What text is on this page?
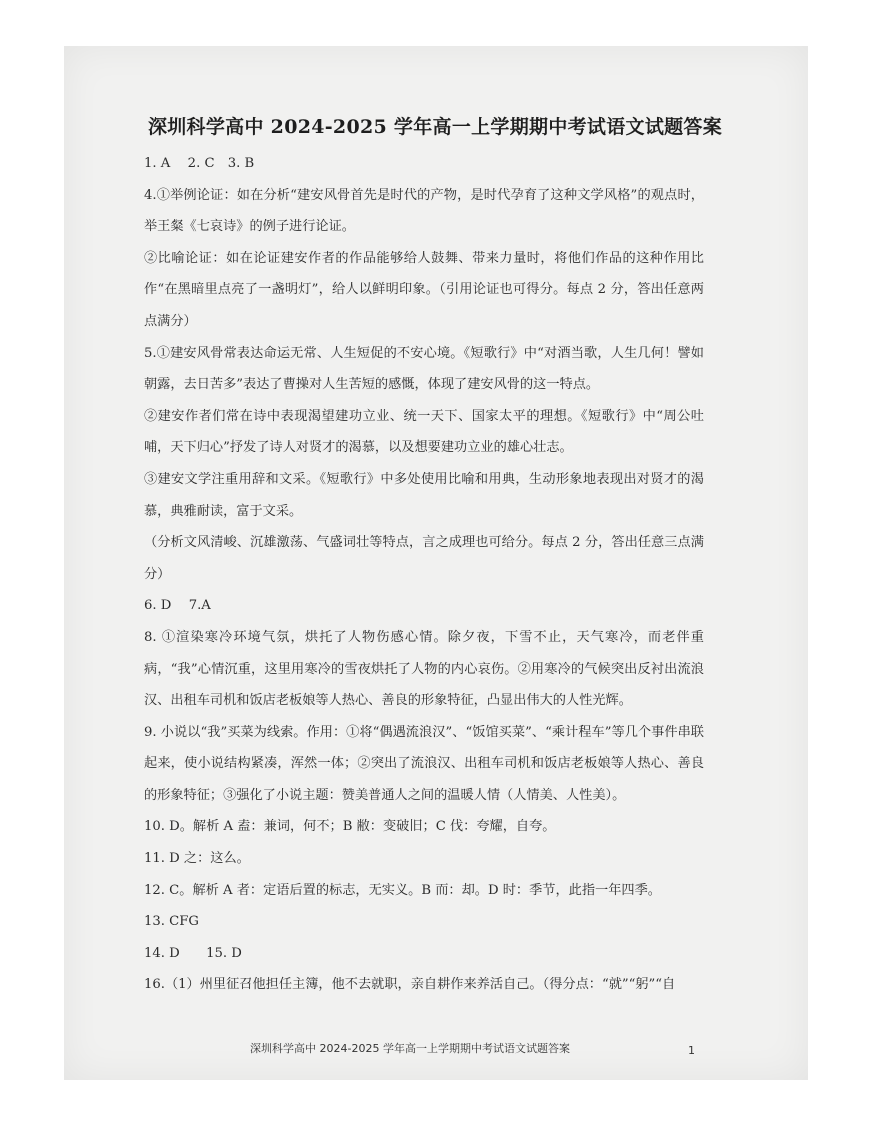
深圳科学高中 2024-2025 学年高一上学期期中考试语文试题答案

1. A　 2. C　3. B

4.①举例论证：如在分析“建安风骨首先是时代的产物，是时代孕育了这种文学风格”的观点时，举王粲《七哀诗》的例子进行论证。

②比喻论证：如在论证建安作者的作品能够给人鼓舞、带来力量时，将他们作品的这种作用比作“在黑暗里点亮了一盏明灯”，给人以鲜明印象。（引用论证也可得分。每点 2 分，答出任意两点满分）

5.①建安风骨常表达命运无常、人生短促的不安心境。《短歌行》中“对酒当歌，人生几何！譬如朝露，去日苦多”表达了曹操对人生苦短的感慨，体现了建安风骨的这一特点。

②建安作者们常在诗中表现渴望建功立业、统一天下、国家太平的理想。《短歌行》中“周公吐哺，天下归心”抒发了诗人对贤才的渴慕，以及想要建功立业的雄心壮志。

③建安文学注重用辞和文采。《短歌行》中多处使用比喻和用典，生动形象地表现出对贤才的渴慕，典雅耐读，富于文采。

（分析文风清峻、沉雄激荡、气盛词壮等特点，言之成理也可给分。每点 2 分，答出任意三点满分）

6. D　 7.A

8. ①渲染寒冷环境气氛，烘托了人物伤感心情。除夕夜，下雪不止，天气寒冷，而老伴重病，“我”心情沉重，这里用寒冷的雪夜烘托了人物的内心哀伤。②用寒冷的气候突出反衬出流浪汉、出租车司机和饭店老板娘等人热心、善良的形象特征，凸显出伟大的人性光辉。

9. 小说以“我”买菜为线索。作用：①将“偶遇流浪汉”、“饭馆买菜”、“乘计程车”等几个事件串联起来，使小说结构紧凑，浑然一体；②突出了流浪汉、出租车司机和饭店老板娘等人热心、善良的形象特征；③强化了小说主题：赞美普通人之间的温暖人情（人情美、人性美）。

10. D。解析 A 盍：兼词，何不；B 敝：变破旧；C 伐：夸耀，自夸。

11. D 之：这么。

12. C。解析 A 者：定语后置的标志，无实义。B 而：却。D 时：季节，此指一年四季。

13. CFG

14. D　　15. D

16.（1）州里征召他担任主簿，他不去就职，亲自耕作来养活自己。（得分点：“就”“躬”“自

深圳科学高中 2024-2025 学年高一上学期期中考试语文试题答案	1
